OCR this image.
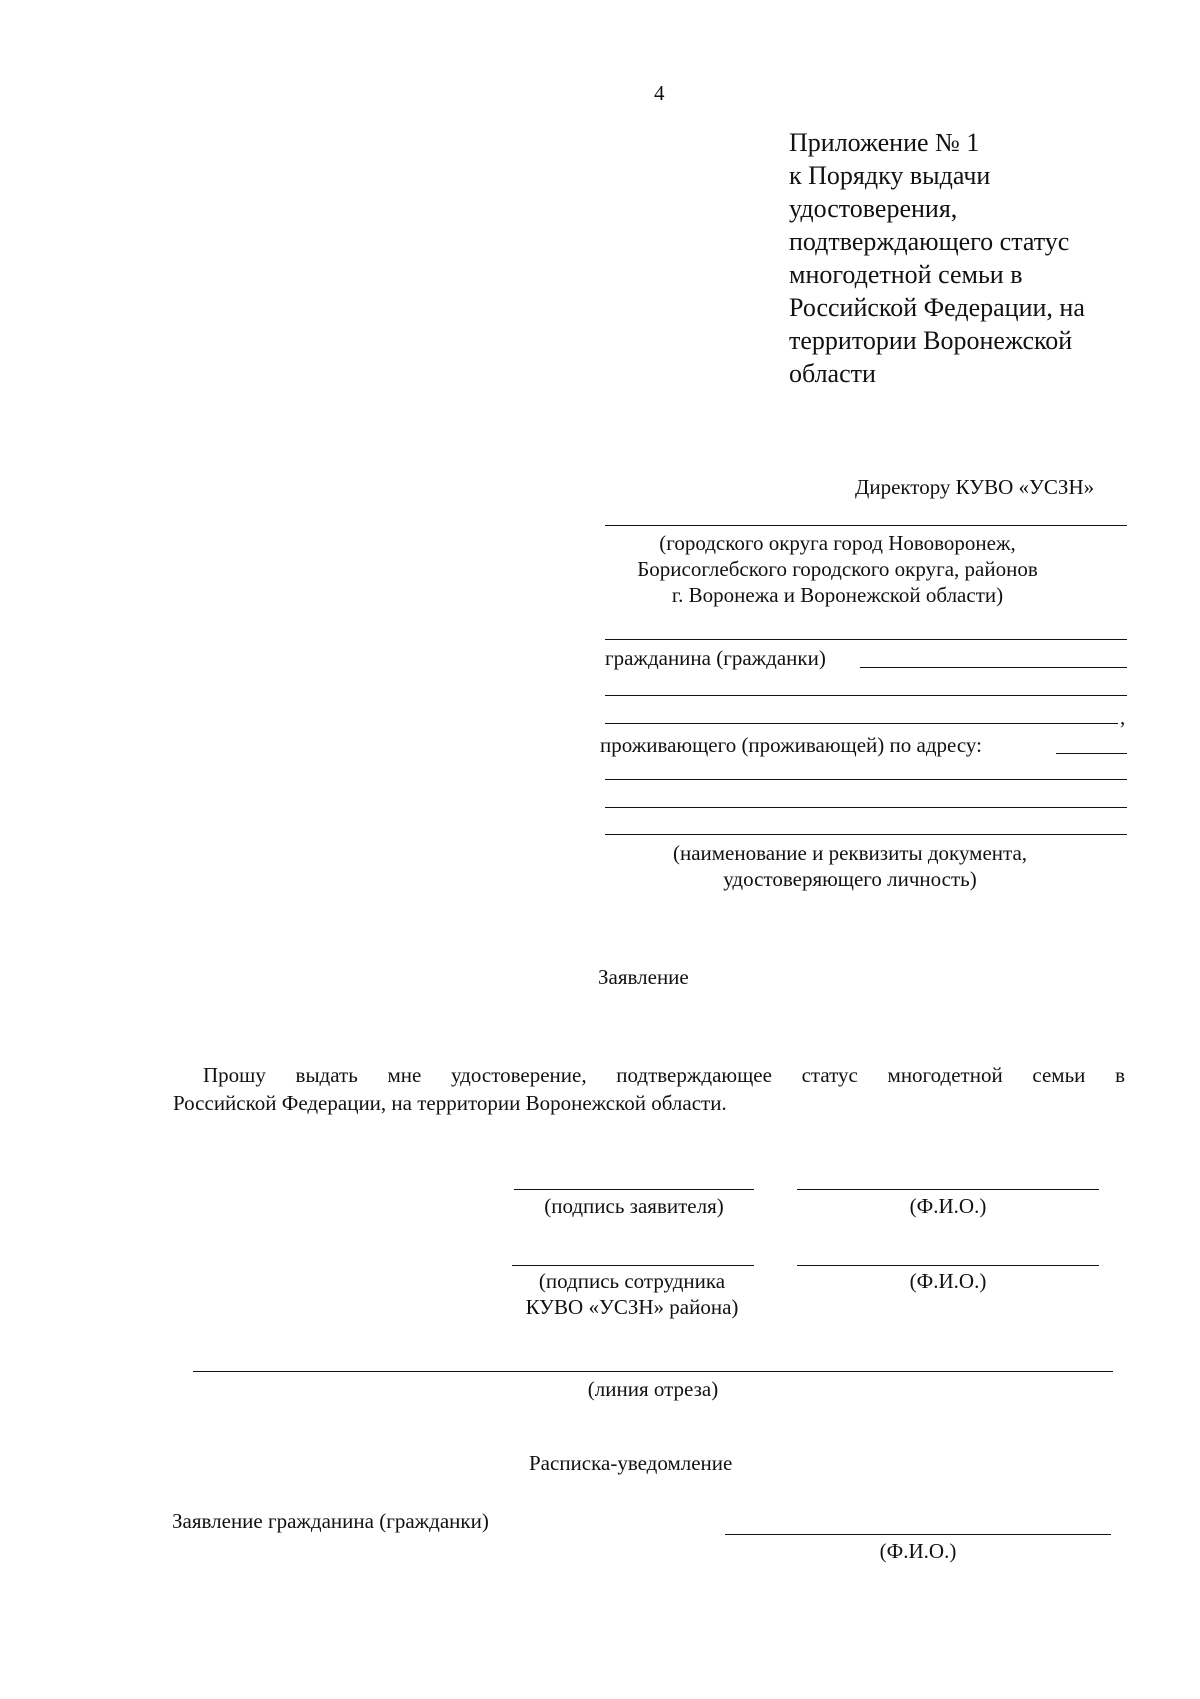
4
Приложение № 1
к Порядку выдачи
удостоверения,
подтверждающего статус
многодетной семьи в
Российской Федерации, на
территории Воронежской
области
Директору КУВО «УСЗН»
(городского округа город Нововоронеж,
Борисоглебского городского округа, районов
г. Воронежа и Воронежской области)
гражданина (гражданки)
,
проживающего (проживающей) по адресу:
(наименование и реквизиты документа,
удостоверяющего личность)
Заявление
Прошу выдать мне удостоверение, подтверждающее статус многодетной семьи в
Российской Федерации, на территории Воронежской области.
(подпись заявителя)	(Ф.И.О.)
(подпись сотрудника
КУВО «УСЗН» района)
(Ф.И.О.)
(линия отреза)
Расписка-уведомление
Заявление гражданина (гражданки)
(Ф.И.О.)
